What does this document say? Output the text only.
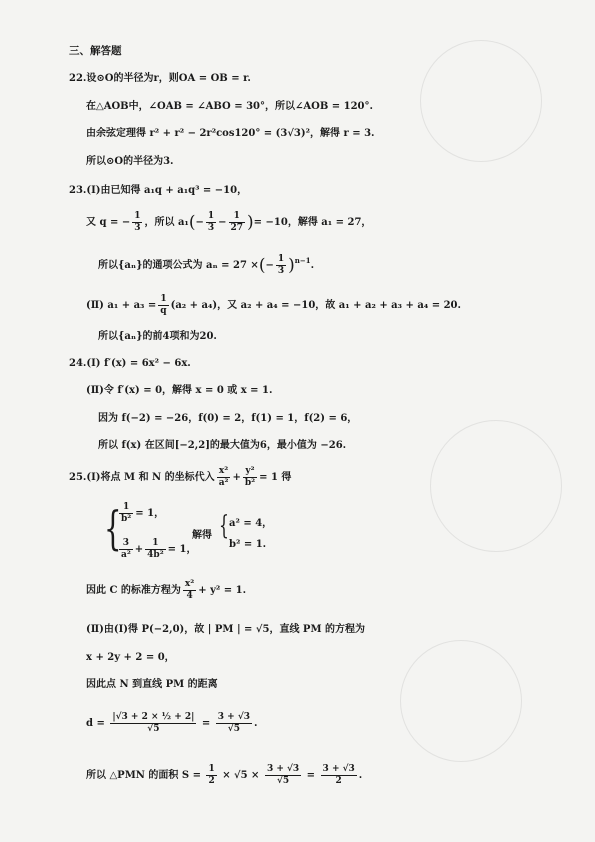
三、解答题
22.设⊙O的半径为r，则OA = OB = r.
在△AOB中，∠OAB = ∠ABO = 30°，所以∠AOB = 120°.
由余弦定理得 r² + r² − 2r²cos120° = (3√3)²，解得 r = 3.
所以⊙O的半径为3.
23.(Ⅰ)由已知得 a₁q + a₁q³ = −10，
又 q = − $\frac{1}{3}$ ，所以 $a_1(- \frac{1}{3} - \frac{1}{27}$ )= −10，解得 a₁ = 27，
所以{aₙ}的通项公式为 aₙ = 27 ×(− $\frac{1}{3} )^{n-1}$.
(Ⅱ) $a_1 + a_3 = \frac{1}{q} (a_2 + a_4)$，又 a₂ + a₄ = −10，故 a₁ + a₂ + a₃ + a₄ = 20.
所以{aₙ}的前4项和为20.
24.(Ⅰ) f′(x) = 6x² − 6x.
(Ⅱ)令 f′(x) = 0，解得 x = 0 或 x = 1.
因为 f(−2) = −26，f(0) = 2，f(1) = 1，f(2) = 6，
所以 f(x) 在区间[−2,2]的最大值为6，最小值为 −26.
25.(Ⅰ)将点 M 和 N 的坐标代入 $\frac{\text{x²}}{\text{a²}} + \frac{\text{y²}}{\text{b²}} = 1$ 得
{
$\frac{1}{\text{b²}} = 1$，
$\frac{3}{\text{a²}} + \frac{1}{\text{4b²}} = 1$，
解得 { a² = 4，
b² = 1.
因此 C 的标准方程为 $\frac{\text{x²}}{4} + y^2 = 1$.
(Ⅱ)由(Ⅰ)得 P(−2,0)，故 | PM | = √5，直线 PM 的方程为
x + 2y + 2 = 0，
因此点 N 到直线 PM 的距离
$d = \frac{\text{|√3 + 2 × ½ + 2|}}{√5} = \frac{3 + √3}{√5}$ .
所以 △PMN 的面积 $S = \frac{1}{2} \times √5 \times \frac{3 + √3}{√5} = \frac{3 + √3}{2}$ .
